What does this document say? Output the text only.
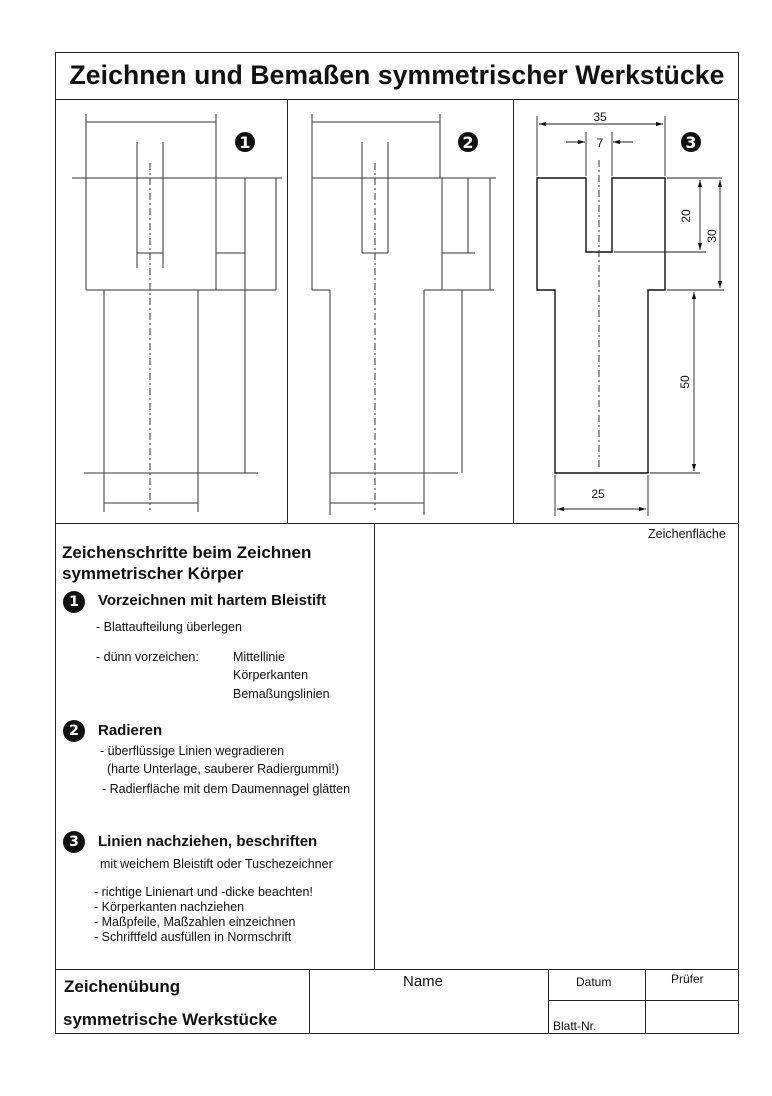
Zeichnen und Bemaßen symmetrischer Werkstücke
1	2
35
7
20
30
50
25
3
Zeichenfläche
Zeichenschritte beim Zeichnen
symmetrischer Körper
1	Vorzeichnen mit hartem Bleistift
- Blattaufteilung überlegen
- dünn vorzeichen:	Mittellinie
Körperkanten
Bemaßungslinien
2	Radieren
- überflüssige Linien wegradieren
(harte Unterlage, sauberer Radiergummi!)
- Radierfläche mit dem Daumennagel glätten
3	Linien nachziehen, beschriften
mit weichem Bleistift oder Tuschezeichner
- richtige Linienart und -dicke beachten!
- Körperkanten nachziehen
- Maßpfeile, Maßzahlen einzeichnen
- Schriftfeld ausfüllen in Normschrift
Zeichenübung
symmetrische Werkstücke
Name	Datum	Prüfer
Blatt-Nr.
